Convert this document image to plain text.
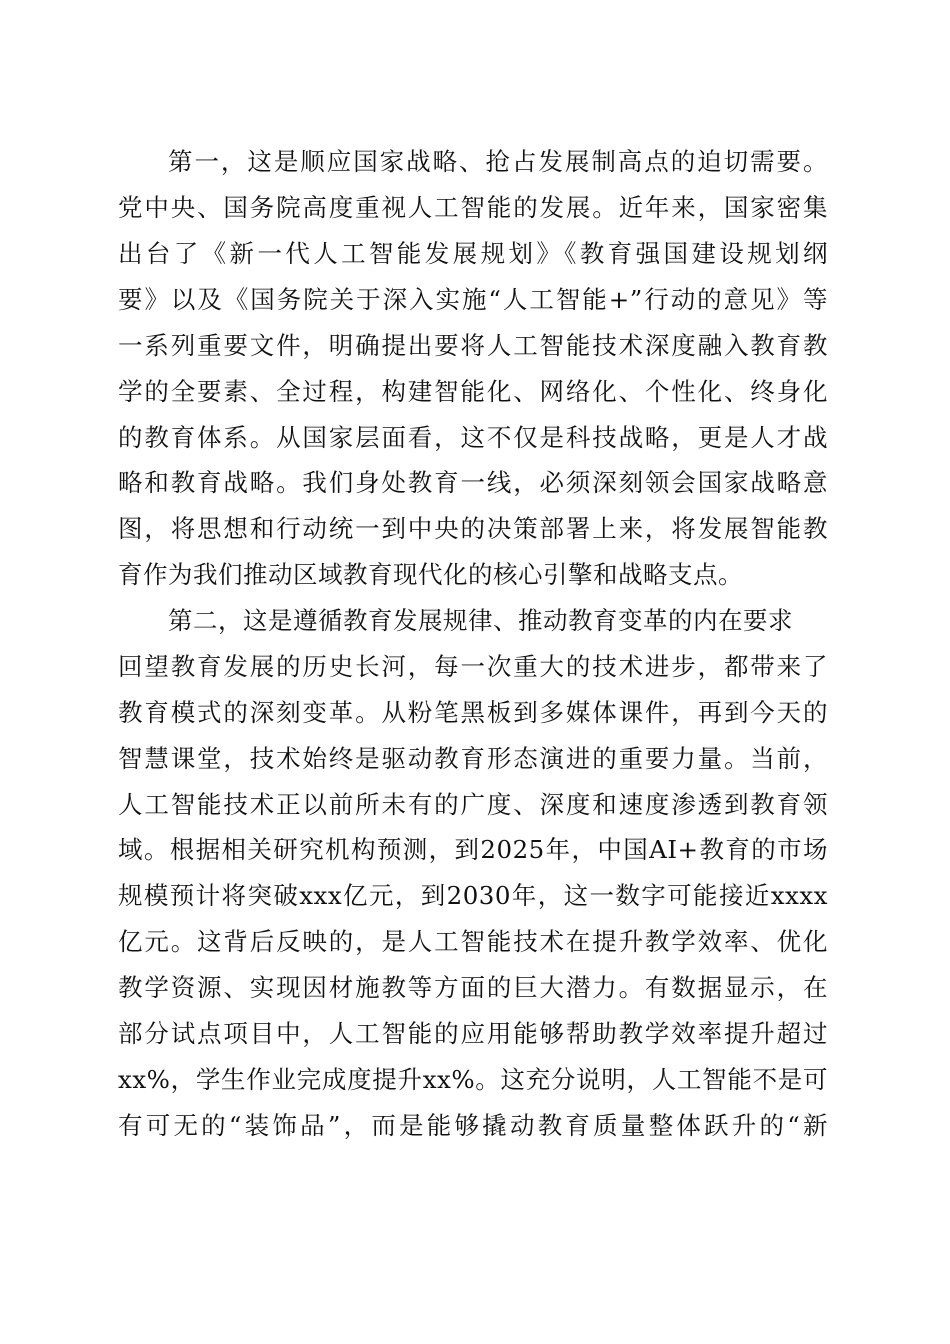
第一，这是顺应国家战略、抢占发展制高点的迫切需要。
党中央、国务院高度重视人工智能的发展。近年来，国家密集
出台了《新一代人工智能发展规划》《教育强国建设规划纲
要》以及《国务院关于深入实施“人工智能+”行动的意见》等
一系列重要文件，明确提出要将人工智能技术深度融入教育教
学的全要素、全过程，构建智能化、网络化、个性化、终身化
的教育体系。从国家层面看，这不仅是科技战略，更是人才战
略和教育战略。我们身处教育一线，必须深刻领会国家战略意
图，将思想和行动统一到中央的决策部署上来，将发展智能教
育作为我们推动区域教育现代化的核心引擎和战略支点。
第二，这是遵循教育发展规律、推动教育变革的内在要求
回望教育发展的历史长河，每一次重大的技术进步，都带来了
教育模式的深刻变革。从粉笔黑板到多媒体课件，再到今天的
智慧课堂，技术始终是驱动教育形态演进的重要力量。当前，
人工智能技术正以前所未有的广度、深度和速度渗透到教育领
域。根据相关研究机构预测，到2025年，中国AI+教育的市场
规模预计将突破xxx亿元，到2030年，这一数字可能接近xxxx
亿元。这背后反映的，是人工智能技术在提升教学效率、优化
教学资源、实现因材施教等方面的巨大潜力。有数据显示，在
部分试点项目中，人工智能的应用能够帮助教学效率提升超过
xx%，学生作业完成度提升xx%。这充分说明，人工智能不是可
有可无的“装饰品”，而是能够撬动教育质量整体跃升的“新
